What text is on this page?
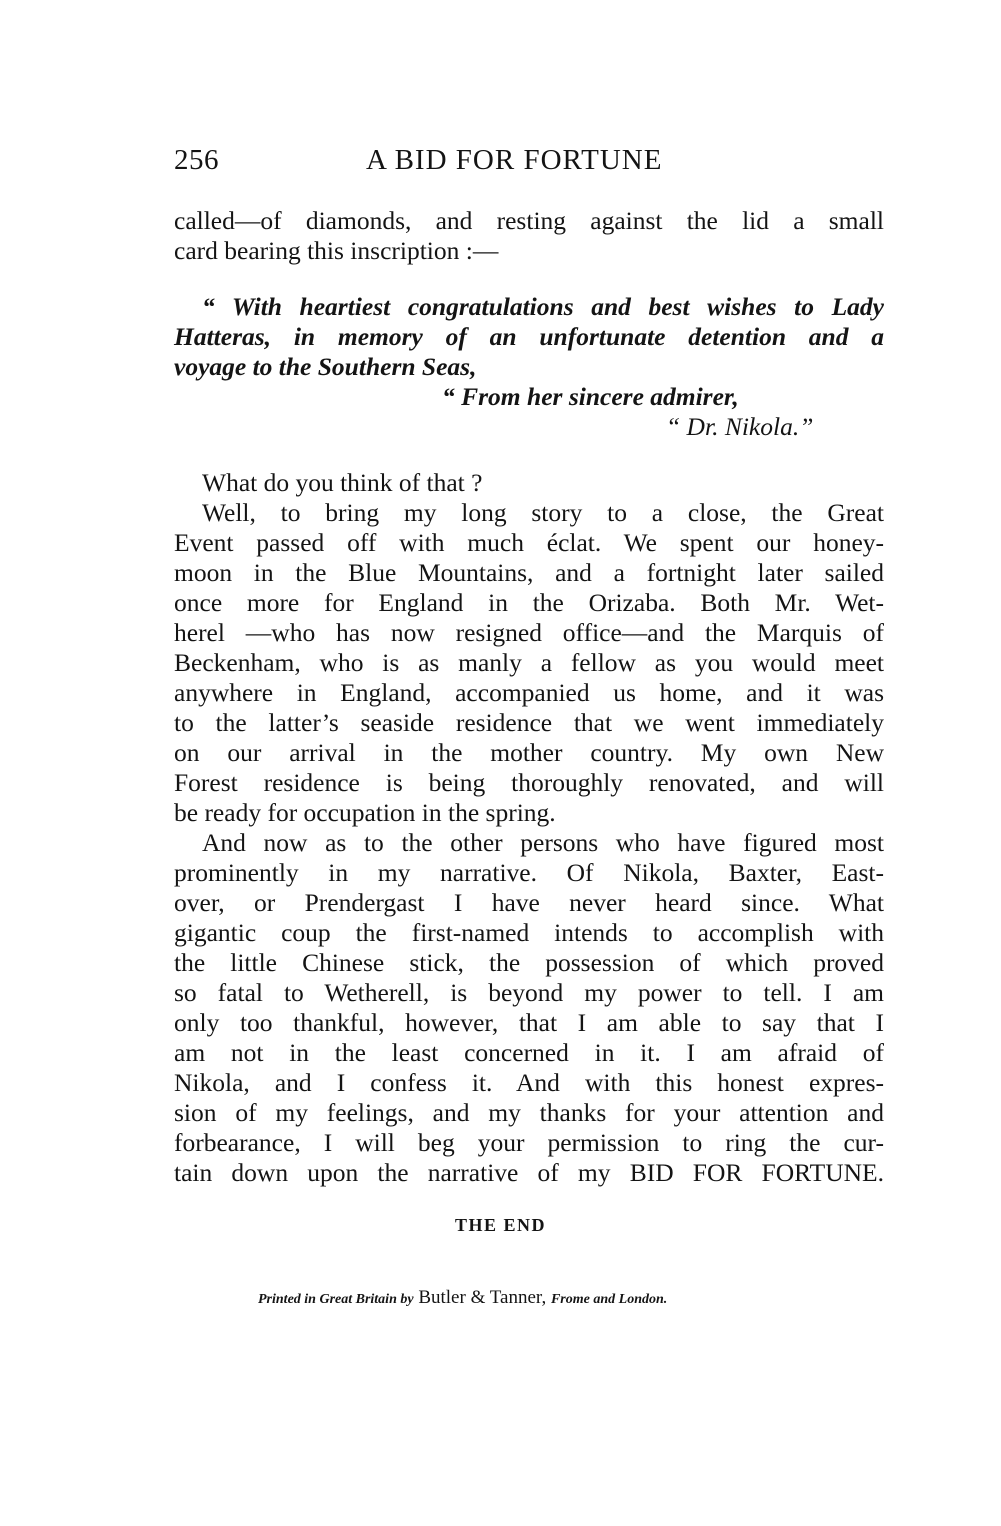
256	A BID FOR FORTUNE
called—of diamonds, and resting against the lid a small
card bearing this inscription :—
“ With heartiest congratulations and best wishes to Lady
Hatteras, in memory of an unfortunate detention and a
voyage to the Southern Seas,
“ From her sincere admirer,
“ Dr. Nikola.”
What do you think of that ?
Well, to bring my long story to a close, the Great
Event passed off with much éclat. We spent our honey-
moon in the Blue Mountains, and a fortnight later sailed
once more for England in the Orizaba. Both Mr. Wet-
herel —who has now resigned office—and the Marquis of
Beckenham, who is as manly a fellow as you would meet
anywhere in England, accompanied us home, and it was
to the latter’s seaside residence that we went immediately
on our arrival in the mother country. My own New
Forest residence is being thoroughly renovated, and will
be ready for occupation in the spring.
And now as to the other persons who have figured most
prominently in my narrative. Of Nikola, Baxter, East-
over, or Prendergast I have never heard since. What
gigantic coup the first-named intends to accomplish with
the little Chinese stick, the possession of which proved
so fatal to Wetherell, is beyond my power to tell. I am
only too thankful, however, that I am able to say that I
am not in the least concerned in it. I am afraid of
Nikola, and I confess it. And with this honest expres-
sion of my feelings, and my thanks for your attention and
forbearance, I will beg your permission to ring the cur-
tain down upon the narrative of my BID FOR FORTUNE.
THE END
Printed in Great Britain by Butler & Tanner, Frome and London.
